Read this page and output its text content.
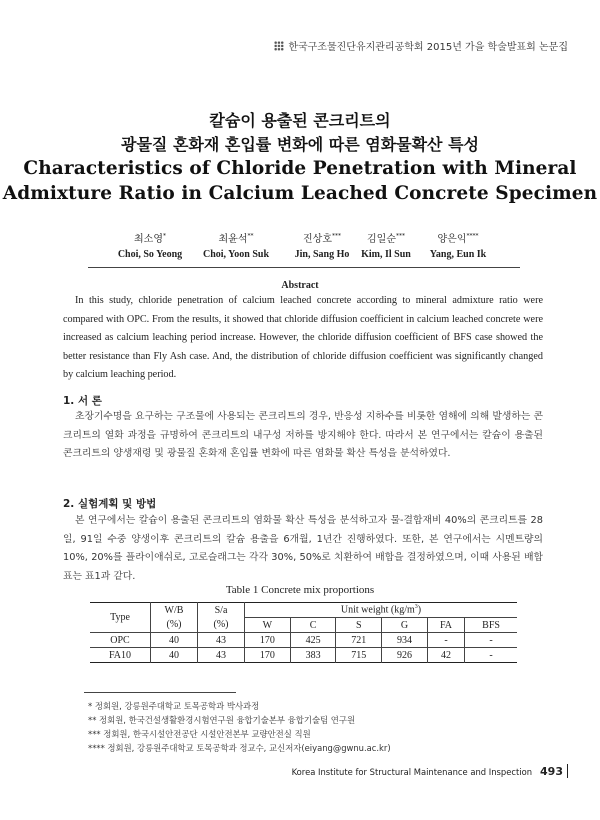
한국구조물진단유지관리공학회 2015년 가을 학술발표회 논문집
칼슘이 용출된 콘크리트의
광물질 혼화재 혼입률 변화에 따른 염화물확산 특성
Characteristics of Chloride Penetration with Mineral
Admixture Ratio in Calcium Leached Concrete Specimen
최소영*
Choi, So Yeong
최윤석**
Choi, Yoon Suk
진상호***
Jin, Sang Ho
김일순***
Kim, Il Sun
양은익****
Yang, Eun Ik
Abstract
In this study, chloride penetration of calcium leached concrete according to mineral admixture ratio were compared with OPC. From the results, it showed that chloride diffusion coefficient in calcium leached concrete were increased as calcium leaching period increase. However, the chloride diffusion coefficient of BFS case showed the better resistance than Fly Ash case. And, the distribution of chloride diffusion coefficient was significantly changed by calcium leaching period.
1. 서 론
초장기수명을 요구하는 구조물에 사용되는 콘크리트의 경우, 반응성 지하수를 비롯한 염해에 의해 발생하는 콘크리트의 열화 과정을 규명하여 콘크리트의 내구성 저하를 방지해야 한다. 따라서 본 연구에서는 칼슘이 용출된 콘크리트의 양생재령 및 광물질 혼화재 혼입률 변화에 따른 염화물 확산 특성을 분석하였다.
2. 실험계획 및 방법
본 연구에서는 칼슘이 용출된 콘크리트의 염화물 확산 특성을 분석하고자 물-결합재비 40%의 콘크리트를 28일, 91일 수중 양생이후 콘크리트의 칼슘 용출을 6개월, 1년간 진행하였다. 또한, 본 연구에서는 시멘트량의 10%, 20%를 플라이애쉬로, 고로슬래그는 각각 30%, 50%로 치환하여 배합을 결정하였으며, 이때 사용된 배합표는 표1과 같다.
Table 1 Concrete mix proportions
Type	W/B	S/a	Unit weight $(kg/m^3)$					
	(%)	(%)	W	C	S	G	FA	BFS
OPC	40	43	170	425	721	934	-	-
FA10	40	43	170	383	715	926	42	-
* 정회원, 강릉원주대학교 토목공학과 박사과정
** 정회원, 한국건설생활환경시험연구원 융합기술본부 융합기술팀 연구원
*** 정회원, 한국시설안전공단 시설안전본부 교량안전실 직원
**** 정회원, 강릉원주대학교 토목공학과 정교수, 교신저자(eiyang@gwnu.ac.kr)
Korea Institute for Structural Maintenance and Inspection 493
